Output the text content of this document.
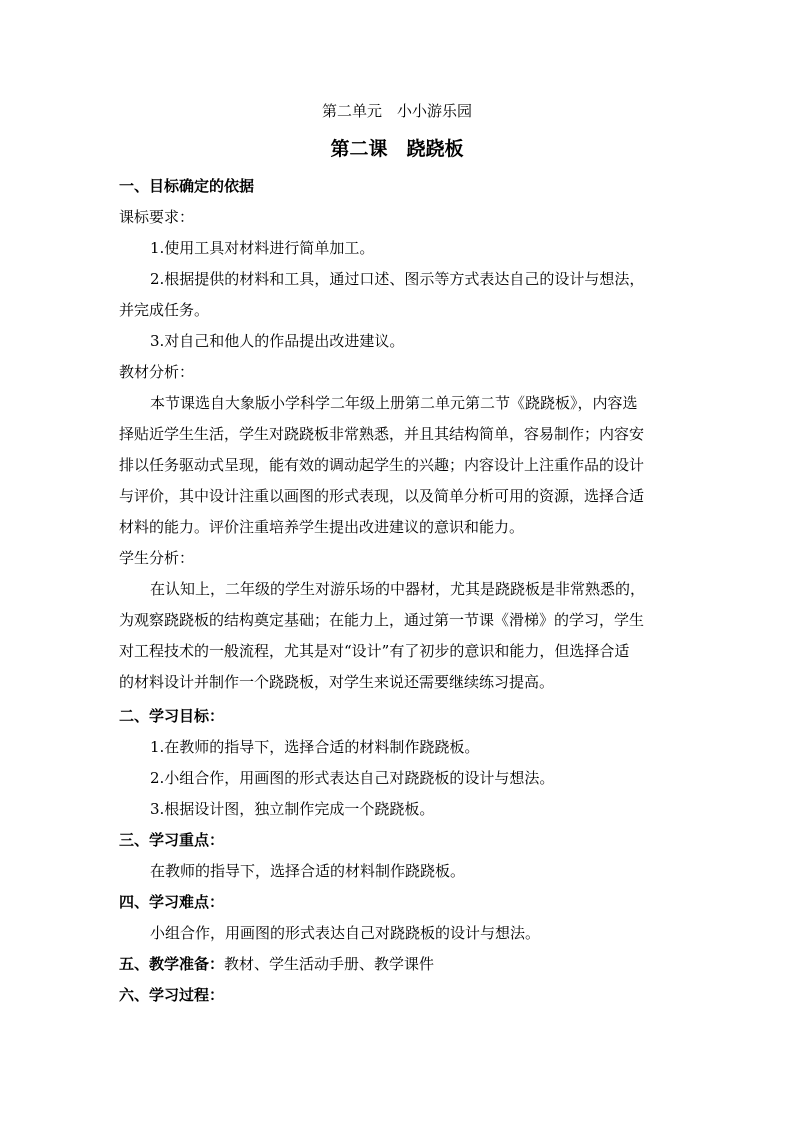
第二单元　小小游乐园
第二课　跷跷板
一、目标确定的依据
课标要求：
1.使用工具对材料进行简单加工。
2.根据提供的材料和工具，通过口述、图示等方式表达自己的设计与想法，
并完成任务。
3.对自己和他人的作品提出改进建议。
教材分析：
本节课选自大象版小学科学二年级上册第二单元第二节《跷跷板》，内容选
择贴近学生生活，学生对跷跷板非常熟悉，并且其结构简单，容易制作；内容安
排以任务驱动式呈现，能有效的调动起学生的兴趣；内容设计上注重作品的设计
与评价，其中设计注重以画图的形式表现，以及简单分析可用的资源，选择合适
材料的能力。评价注重培养学生提出改进建议的意识和能力。
学生分析：
在认知上，二年级的学生对游乐场的中器材，尤其是跷跷板是非常熟悉的，
为观察跷跷板的结构奠定基础；在能力上，通过第一节课《滑梯》的学习，学生
对工程技术的一般流程，尤其是对“设计”有了初步的意识和能力，但选择合适
的材料设计并制作一个跷跷板，对学生来说还需要继续练习提高。
二、学习目标：
1.在教师的指导下，选择合适的材料制作跷跷板。
2.小组合作，用画图的形式表达自己对跷跷板的设计与想法。
3.根据设计图，独立制作完成一个跷跷板。
三、学习重点：
在教师的指导下，选择合适的材料制作跷跷板。
四、学习难点：
小组合作，用画图的形式表达自己对跷跷板的设计与想法。
五、教学准备：教材、学生活动手册、教学课件
六、学习过程：
